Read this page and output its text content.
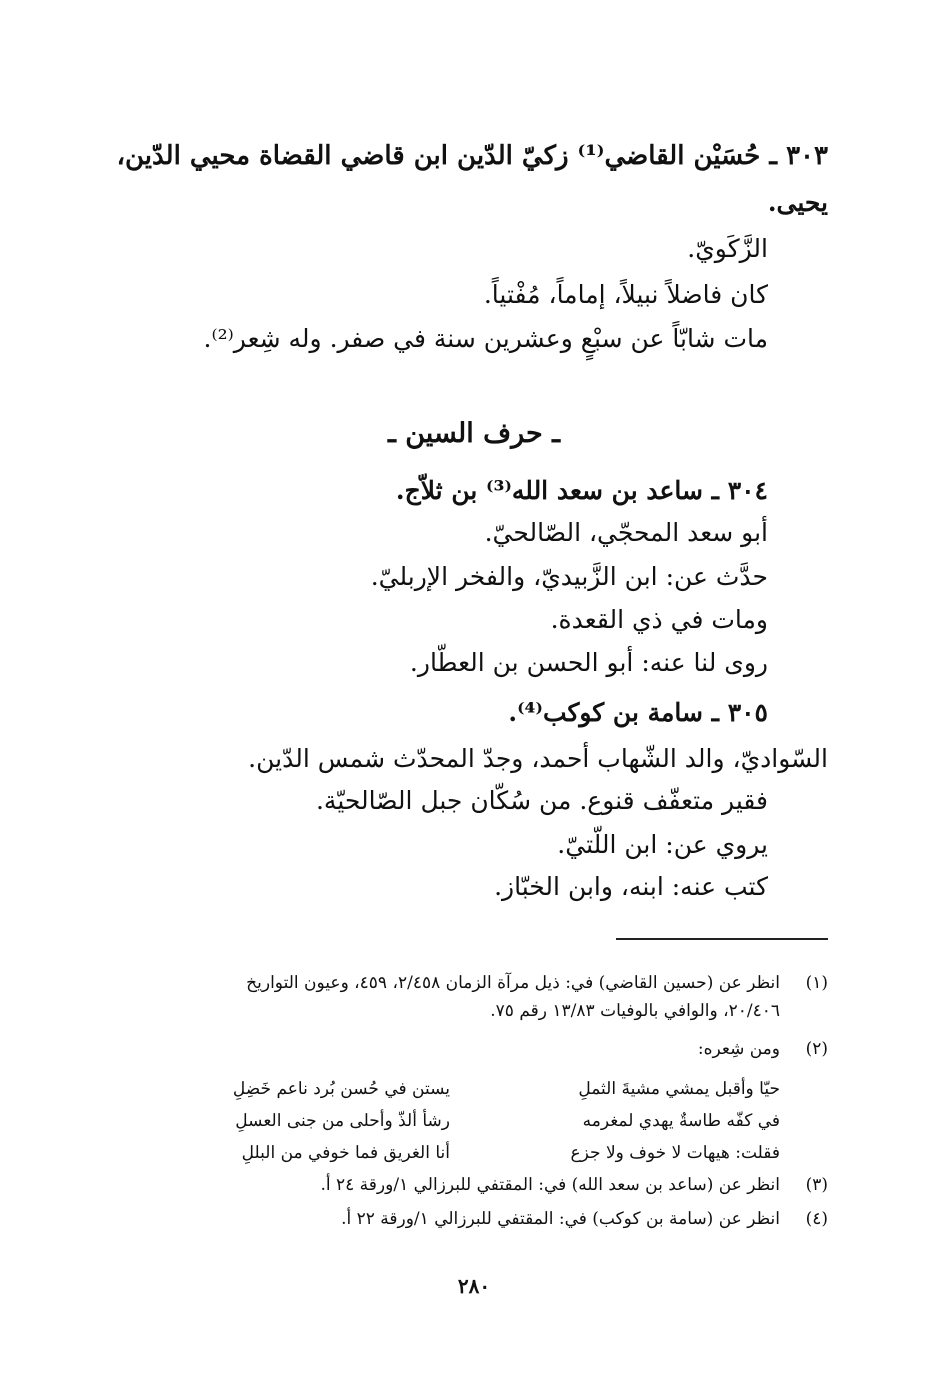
٣٠٣ ـ حُسَيْن القاضي⁽¹⁾ زكيّ الدّين ابن قاضي القضاة محيي الدّين،
يحيى.
الزَّكَويّ.
كان فاضلاً نبيلاً، إماماً، مُفْتياً.
مات شابّاً عن سبْعٍ وعشرين سنة في صفر. وله شِعر⁽²⁾.
ـ حرف السين ـ
٣٠٤ ـ ساعد بن سعد الله⁽³⁾ بن ثلاّج.
أبو سعد المحجّي، الصّالحيّ.
حدَّث عن: ابن الزَّبيديّ، والفخر الإربليّ.
ومات في ذي القعدة.
روى لنا عنه: أبو الحسن بن العطّار.
٣٠٥ ـ سامة بن كوكب⁽⁴⁾.
السّواديّ، والد الشّهاب أحمد، وجدّ المحدّث شمس الدّين.
فقير متعفّف قنوع. من سُكّان جبل الصّالحيّة.
يروي عن: ابن اللّتيّ.
كتب عنه: ابنه، وابن الخبّاز.
(١)انظر عن (حسين القاضي) في: ذيل مرآة الزمان ٢/٤٥٨، ٤٥٩، وعيون التواريخ
٢٠/٤٠٦، والوافي بالوفيات ١٣/٨٣ رقم ٧٥.
(٢)ومن شِعره:
حيّا وأقبل يمشي مشيةَ الثملِ
يستن في حُسن بُرد ناعم خَضِلِ
في كفّه طاسةٌ يهدي لمغرمه
رشأ ألذّ وأحلى من جنى العسلِ
فقلت: هيهات لا خوف ولا جزع
أنا الغريق فما خوفي من البللِ
(٣)انظر عن (ساعد بن سعد الله) في: المقتفي للبرزالي ١/ورقة ٢٤ أ.
(٤)انظر عن (سامة بن كوكب) في: المقتفي للبرزالي ١/ورقة ٢٢ أ.
٢٨٠
